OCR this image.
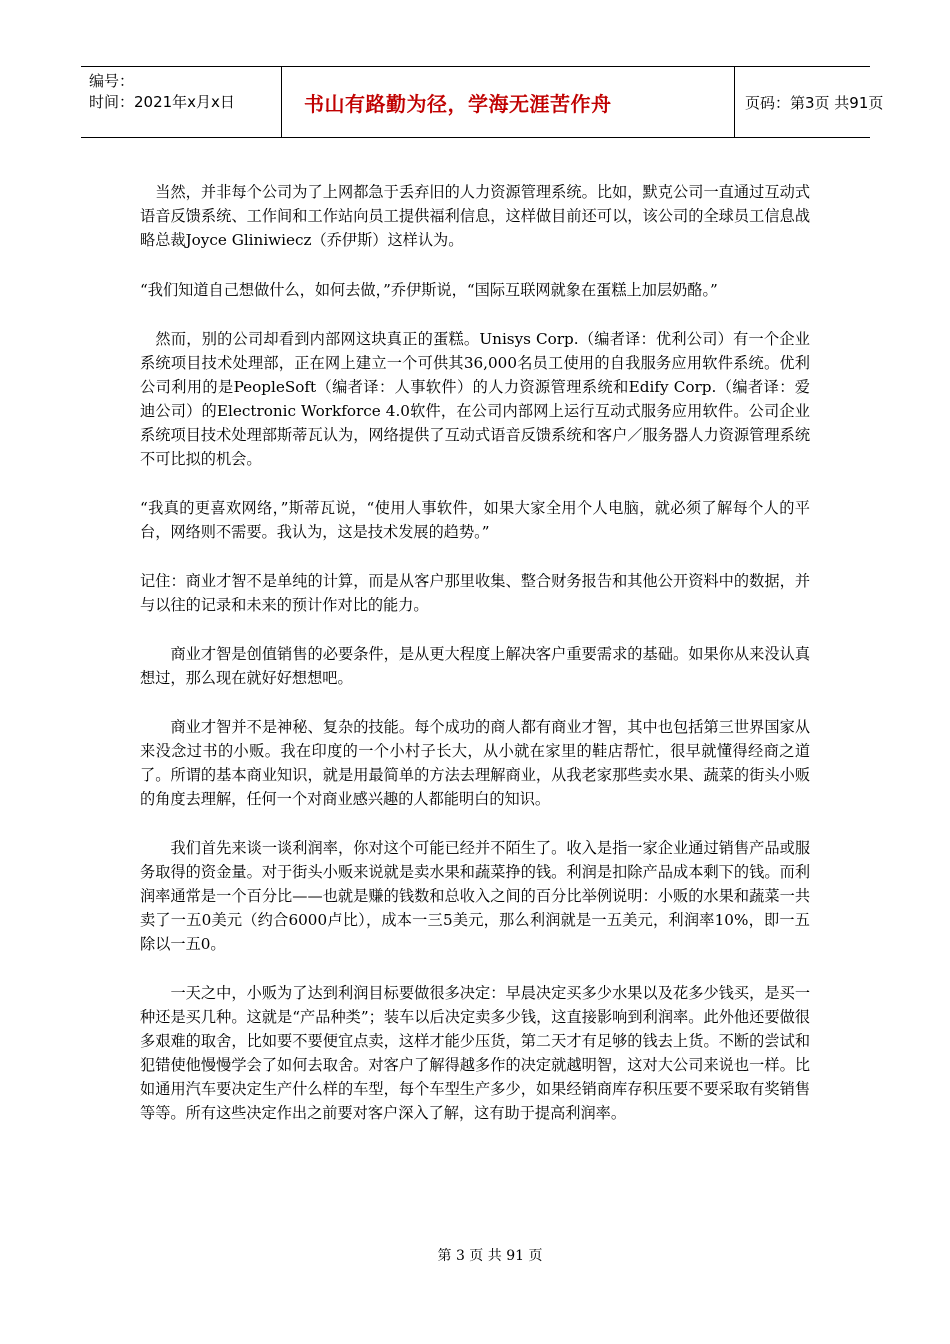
编号：
时间：2021年x月x日	书山有路勤为径，学海无涯苦作舟	页码：第3页 共91页

　当然，并非每个公司为了上网都急于丢弃旧的人力资源管理系统。比如，默克公司一直通过互动式语音反馈系统、工作间和工作站向员工提供福利信息，这样做目前还可以，该公司的全球员工信息战略总裁Joyce Gliniwiecz（乔伊斯）这样认为。

“我们知道自己想做什么，如何去做，”乔伊斯说，“国际互联网就象在蛋糕上加层奶酪。”

　然而，别的公司却看到内部网这块真正的蛋糕。Unisys Corp.（编者译：优利公司）有一个企业系统项目技术处理部，正在网上建立一个可供其36,000名员工使用的自我服务应用软件系统。优利公司利用的是PeopleSoft（编者译：人事软件）的人力资源管理系统和Edify Corp.（编者译：爱迪公司）的Electronic Workforce 4.0软件，在公司内部网上运行互动式服务应用软件。公司企业系统项目技术处理部斯蒂瓦认为，网络提供了互动式语音反馈系统和客户／服务器人力资源管理系统不可比拟的机会。

“我真的更喜欢网络，”斯蒂瓦说，“使用人事软件，如果大家全用个人电脑，就必须了解每个人的平台，网络则不需要。我认为，这是技术发展的趋势。”

记住：商业才智不是单纯的计算，而是从客户那里收集、整合财务报告和其他公开资料中的数据，并与以往的记录和未来的预计作对比的能力。

　　商业才智是创值销售的必要条件，是从更大程度上解决客户重要需求的基础。如果你从来没认真想过，那么现在就好好想想吧。

　　商业才智并不是神秘、复杂的技能。每个成功的商人都有商业才智，其中也包括第三世界国家从来没念过书的小贩。我在印度的一个小村子长大，从小就在家里的鞋店帮忙，很早就懂得经商之道了。所谓的基本商业知识，就是用最简单的方法去理解商业，从我老家那些卖水果、蔬菜的街头小贩的角度去理解，任何一个对商业感兴趣的人都能明白的知识。

　　我们首先来谈一谈利润率，你对这个可能已经并不陌生了。收入是指一家企业通过销售产品或服务取得的资金量。对于街头小贩来说就是卖水果和蔬菜挣的钱。利润是扣除产品成本剩下的钱。而利润率通常是一个百分比——也就是赚的钱数和总收入之间的百分比举例说明：小贩的水果和蔬菜一共卖了一五0美元（约合6000卢比），成本一三5美元，那么利润就是一五美元，利润率10%，即一五除以一五0。

　　一天之中，小贩为了达到利润目标要做很多决定：早晨决定买多少水果以及花多少钱买，是买一种还是买几种。这就是“产品种类”；装车以后决定卖多少钱，这直接影响到利润率。此外他还要做很多艰难的取舍，比如要不要便宜点卖，这样才能少压货，第二天才有足够的钱去上货。不断的尝试和犯错使他慢慢学会了如何去取舍。对客户了解得越多作的决定就越明智，这对大公司来说也一样。比如通用汽车要决定生产什么样的车型，每个车型生产多少，如果经销商库存积压要不要采取有奖销售等等。所有这些决定作出之前要对客户深入了解，这有助于提高利润率。

第 3 页 共 91 页
